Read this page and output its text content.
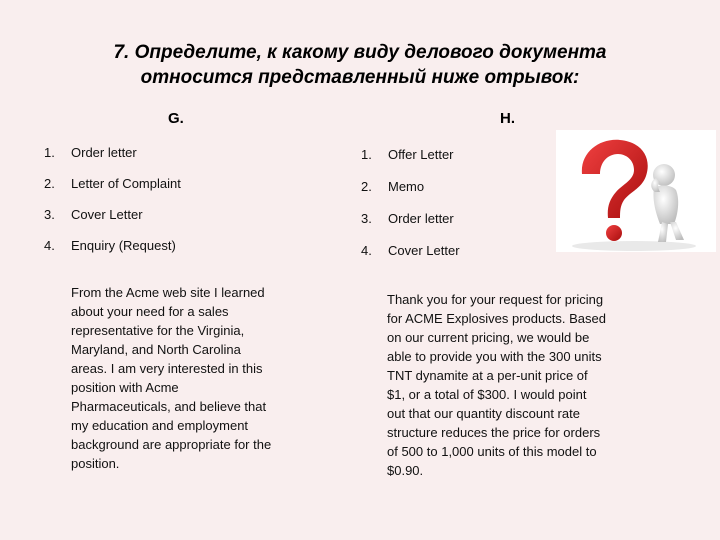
7. Определите, к какому виду делового документа
относится представленный ниже отрывок:
G.
1. Order letter
2. Letter of Complaint
3. Cover Letter
4. Enquiry (Request)
From the Acme web site I learned
about your need for a sales
representative for the Virginia,
Maryland, and North Carolina
areas. I am very interested in this
position with Acme
Pharmaceuticals, and believe that
my education and employment
background are appropriate for the
position.
H.
1. Offer Letter
2. Memo
3. Order letter
4. Cover Letter
Thank you for your request for pricing
for ACME Explosives products. Based
on our current pricing, we would be
able to provide you with the 300 units
TNT dynamite at a per-unit price of
$1, or a total of $300. I would point
out that our quantity discount rate
structure reduces the price for orders
of 500 to 1,000 units of this model to
$0.90.
